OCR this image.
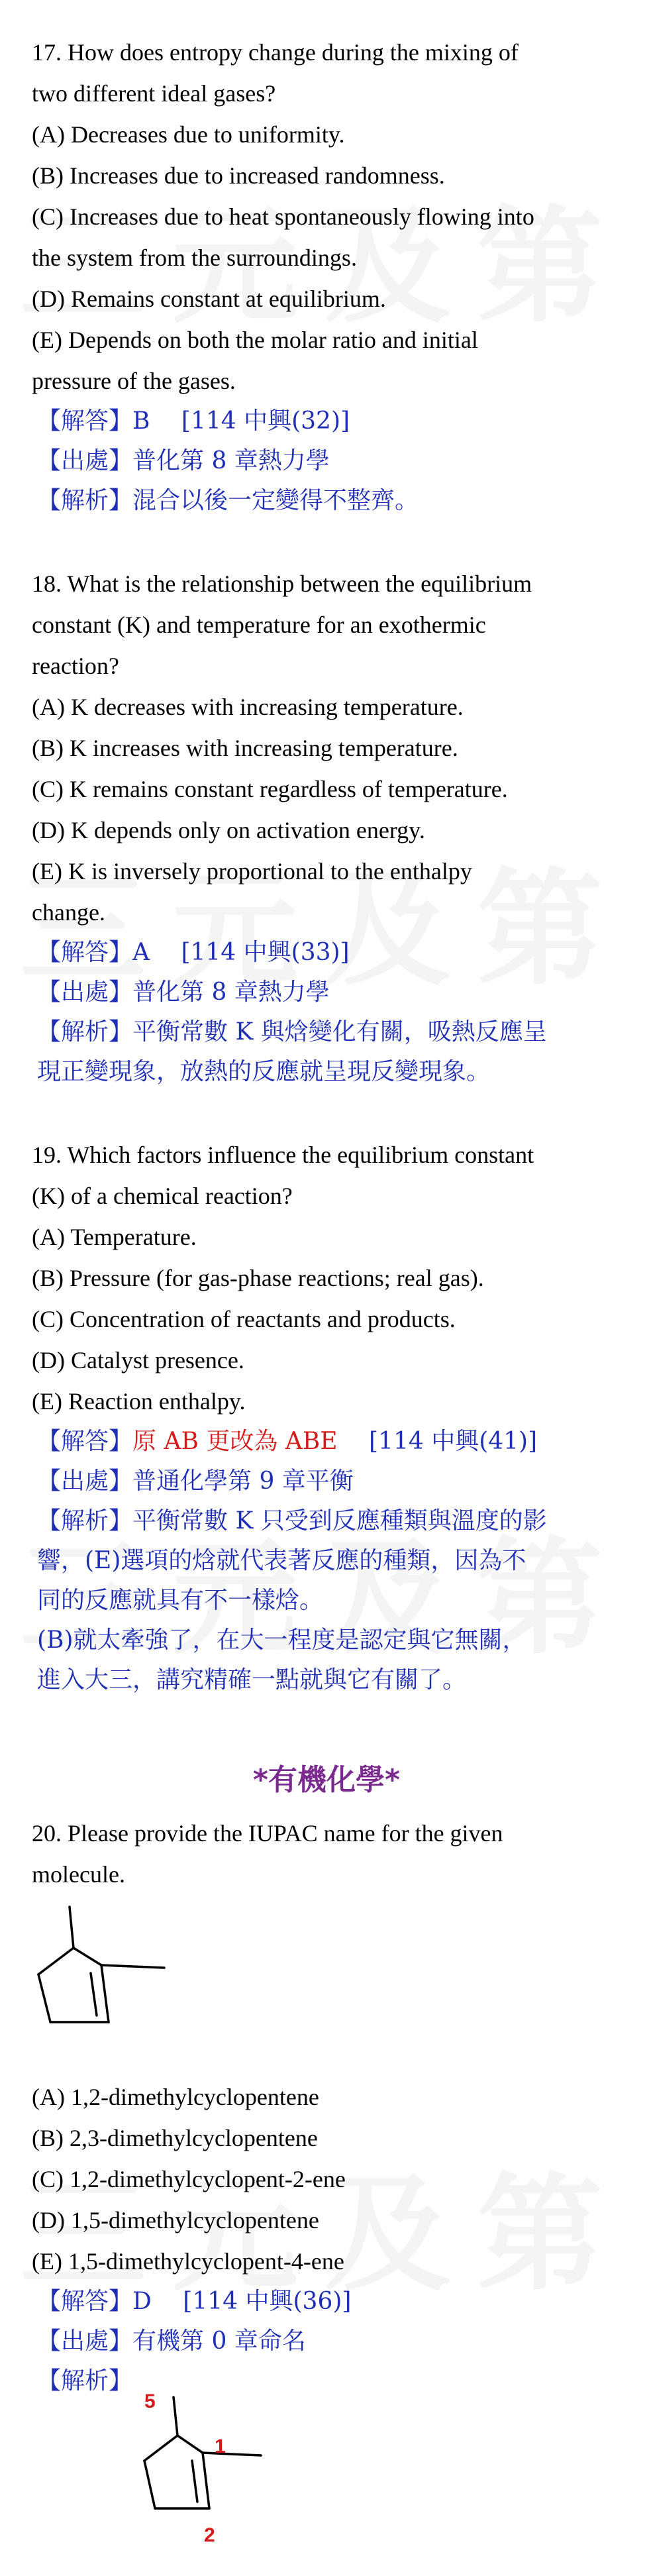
17. How does entropy change during the mixing of

two different ideal gases?

(A) Decreases due to uniformity.

(B) Increases due to increased randomness.

(C) Increases due to heat spontaneously flowing into

the system from the surroundings.

(D) Remains constant at equilibrium.

(E) Depends on both the molar ratio and initial

pressure of the gases.

【解答】B　 [114 中興(32)]

【出處】普化第 8 章熱力學

【解析】混合以後一定變得不整齊。

18. What is the relationship between the equilibrium

constant (K) and temperature for an exothermic

reaction?

(A) K decreases with increasing temperature.

(B) K increases with increasing temperature.

(C) K remains constant regardless of temperature.

(D) K depends only on activation energy.

(E) K is inversely proportional to the enthalpy

change.

【解答】A　 [114 中興(33)]

【出處】普化第 8 章熱力學

【解析】平衡常數 K 與焓變化有關，吸熱反應呈

現正變現象，放熱的反應就呈現反變現象。

19. Which factors influence the equilibrium constant

(K) of a chemical reaction?

(A) Temperature.

(B) Pressure (for gas-phase reactions; real gas).

(C) Concentration of reactants and products.

(D) Catalyst presence.

(E) Reaction enthalpy.

【解答】原 AB 更改為 ABE　 [114 中興(41)]

【出處】普通化學第 9 章平衡

【解析】平衡常數 K 只受到反應種類與溫度的影

響，(E)選項的焓就代表著反應的種類，因為不

同的反應就具有不一樣焓。

(B)就太牽強了，在大一程度是認定與它無關，

進入大三，講究精確一點就與它有關了。

*有機化學*

20. Please provide the IUPAC name for the given

molecule.

(A) 1,2-dimethylcyclopentene

(B) 2,3-dimethylcyclopentene

(C) 1,2-dimethylcyclopent-2-ene

(D) 1,5-dimethylcyclopentene

(E) 1,5-dimethylcyclopent-4-ene

【解答】D　 [114 中興(36)]

【出處】有機第 0 章命名

【解析】

5
1
2
